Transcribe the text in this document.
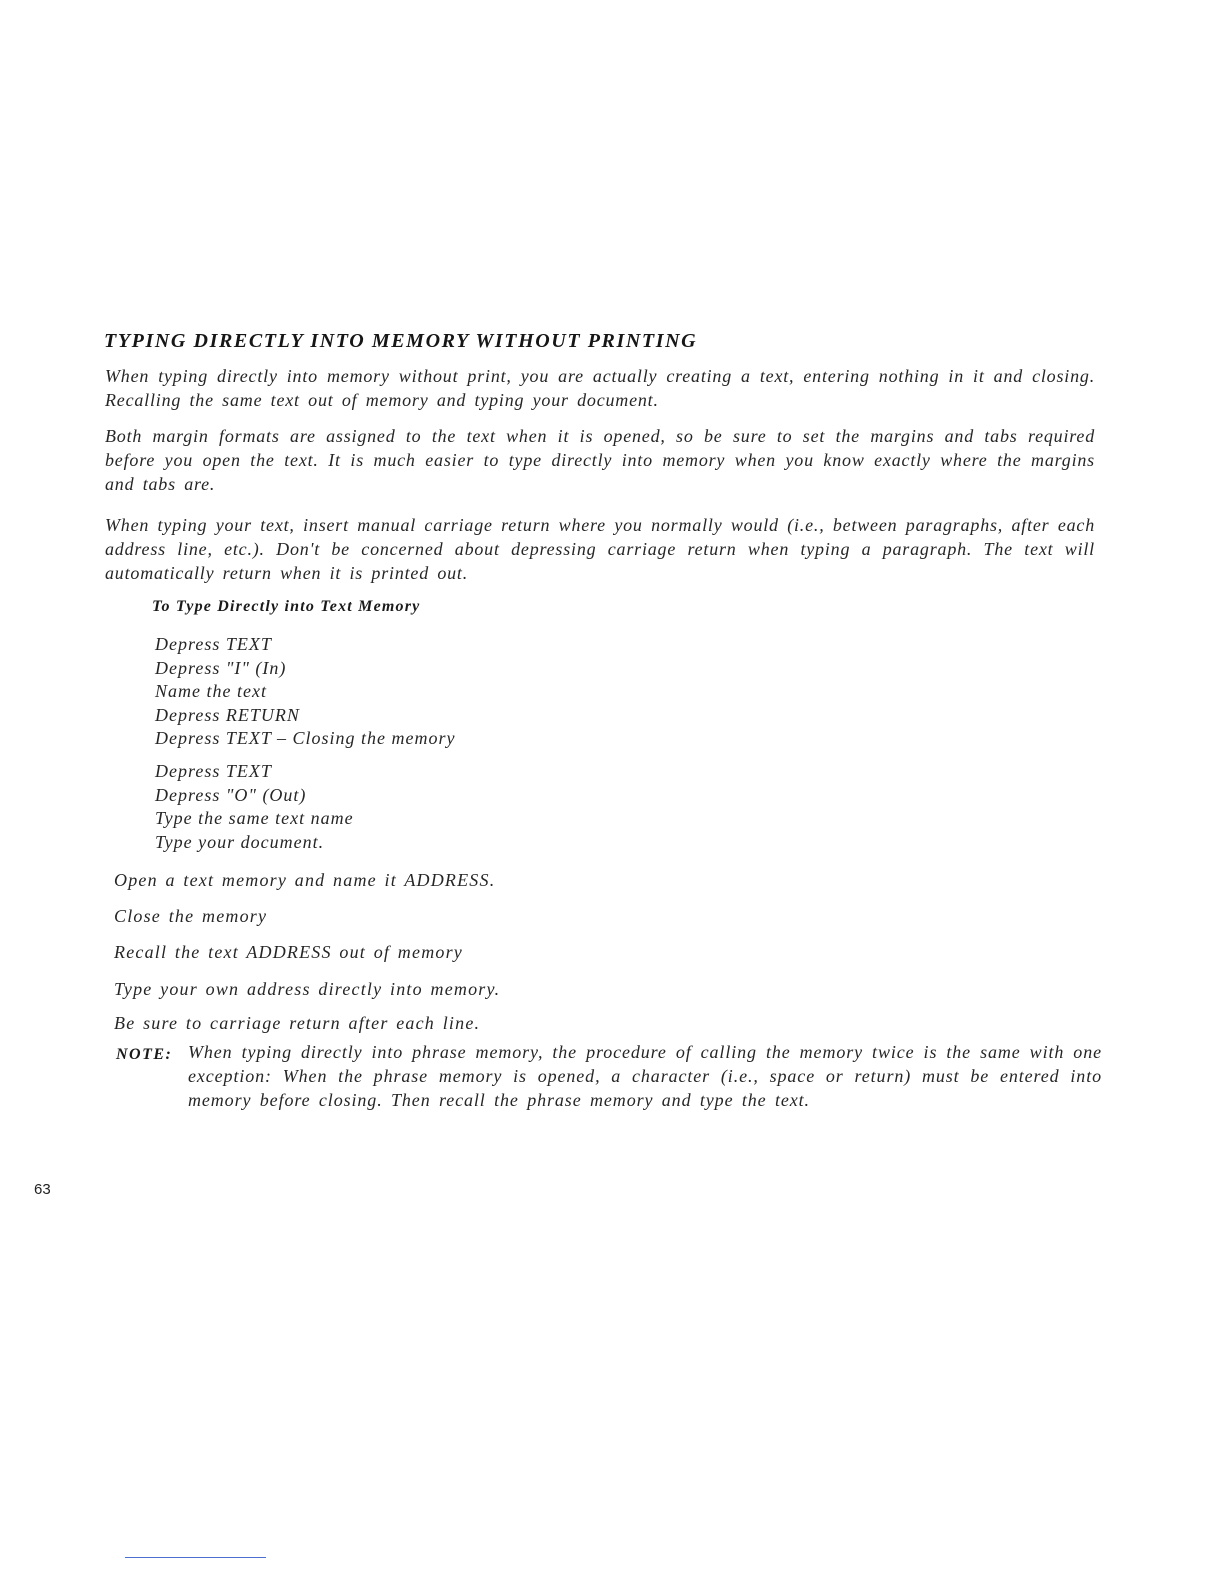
TYPING DIRECTLY INTO MEMORY WITHOUT PRINTING

When typing directly into memory without print, you are actually creating a text, entering nothing in it and closing. Recalling the same text out of memory and typing your document.

Both margin formats are assigned to the text when it is opened, so be sure to set the margins and tabs required before you open the text. It is much easier to type directly into memory when you know exactly where the margins and tabs are.

When typing your text, insert manual carriage return where you normally would (i.e., between paragraphs, after each address line, etc.). Don't be concerned about depressing carriage return when typing a paragraph. The text will automatically return when it is printed out.

To Type Directly into Text Memory
Depress TEXT
Depress "I" (In)
Name the text
Depress RETURN
Depress TEXT – Closing the memory
Depress TEXT
Depress "O" (Out)
Type the same text name
Type your document.
Open a text memory and name it ADDRESS.
Close the memory
Recall the text ADDRESS out of memory
Type your own address directly into memory.
Be sure to carriage return after each line.
NOTE: When typing directly into phrase memory, the procedure of calling the memory twice is the same with one exception: When the phrase memory is opened, a character (i.e., space or return) must be entered into memory before closing. Then recall the phrase memory and type the text.

63
